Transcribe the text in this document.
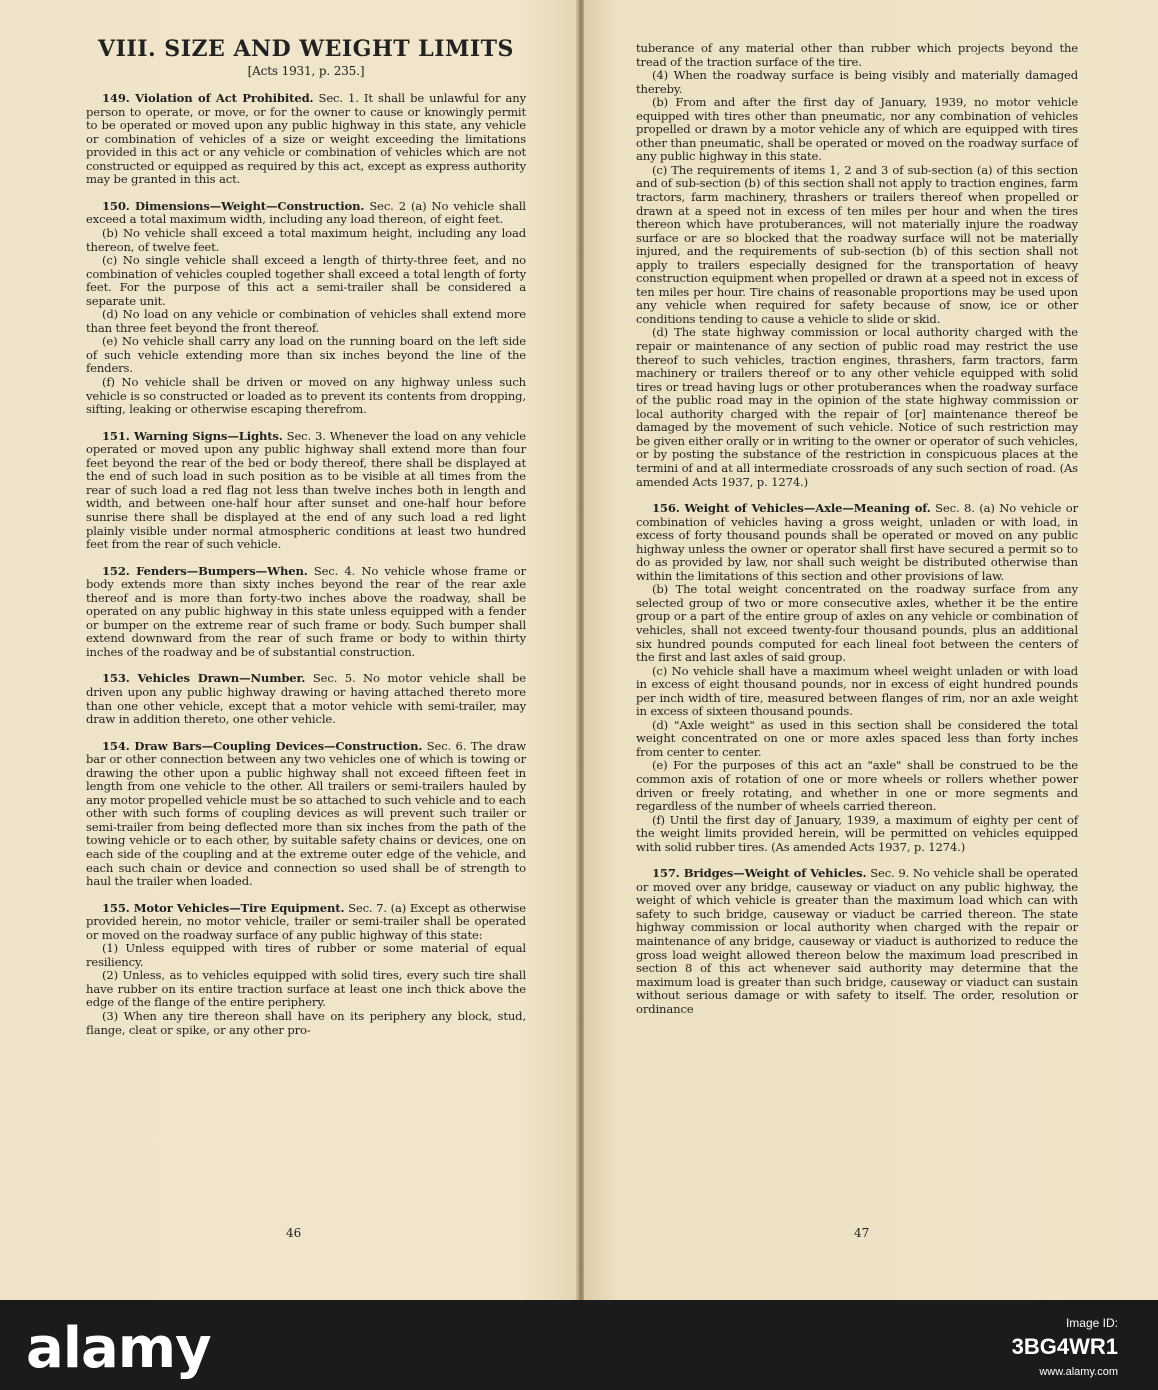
VIII. SIZE AND WEIGHT LIMITS
[Acts 1931, p. 235.]

149. Violation of Act Prohibited. Sec. 1. It shall be unlawful for any person to operate, or move, or for the owner to cause or knowingly permit to be operated or moved upon any public highway in this state, any vehicle or combination of vehicles of a size or weight exceeding the limitations provided in this act or any vehicle or combination of vehicles which are not constructed or equipped as required by this act, except as express authority may be granted in this act.

150. Dimensions—Weight—Construction. Sec. 2 (a) No vehicle shall exceed a total maximum width, including any load thereon, of eight feet.

(b) No vehicle shall exceed a total maximum height, including any load thereon, of twelve feet.

(c) No single vehicle shall exceed a length of thirty-three feet, and no combination of vehicles coupled together shall exceed a total length of forty feet. For the purpose of this act a semi-trailer shall be considered a separate unit.

(d) No load on any vehicle or combination of vehicles shall extend more than three feet beyond the front thereof.

(e) No vehicle shall carry any load on the running board on the left side of such vehicle extending more than six inches beyond the line of the fenders.

(f) No vehicle shall be driven or moved on any highway unless such vehicle is so constructed or loaded as to prevent its contents from dropping, sifting, leaking or otherwise escaping therefrom.

151. Warning Signs—Lights. Sec. 3. Whenever the load on any vehicle operated or moved upon any public highway shall extend more than four feet beyond the rear of the bed or body thereof, there shall be displayed at the end of such load in such position as to be visible at all times from the rear of such load a red flag not less than twelve inches both in length and width, and between one-half hour after sunset and one-half hour before sunrise there shall be displayed at the end of any such load a red light plainly visible under normal atmospheric conditions at least two hundred feet from the rear of such vehicle.

152. Fenders—Bumpers—When. Sec. 4. No vehicle whose frame or body extends more than sixty inches beyond the rear of the rear axle thereof and is more than forty-two inches above the roadway, shall be operated on any public highway in this state unless equipped with a fender or bumper on the extreme rear of such frame or body. Such bumper shall extend downward from the rear of such frame or body to within thirty inches of the roadway and be of substantial construction.

153. Vehicles Drawn—Number. Sec. 5. No motor vehicle shall be driven upon any public highway drawing or having attached thereto more than one other vehicle, except that a motor vehicle with semi-trailer, may draw in addition thereto, one other vehicle.

154. Draw Bars—Coupling Devices—Construction. Sec. 6. The draw bar or other connection between any two vehicles one of which is towing or drawing the other upon a public highway shall not exceed fifteen feet in length from one vehicle to the other. All trailers or semi-trailers hauled by any motor propelled vehicle must be so attached to such vehicle and to each other with such forms of coupling devices as will prevent such trailer or semi-trailer from being deflected more than six inches from the path of the towing vehicle or to each other, by suitable safety chains or devices, one on each side of the coupling and at the extreme outer edge of the vehicle, and each such chain or device and connection so used shall be of strength to haul the trailer when loaded.

155. Motor Vehicles—Tire Equipment. Sec. 7. (a) Except as otherwise provided herein, no motor vehicle, trailer or semi-trailer shall be operated or moved on the roadway surface of any public highway of this state:

(1) Unless equipped with tires of rubber or some material of equal resiliency.

(2) Unless, as to vehicles equipped with solid tires, every such tire shall have rubber on its entire traction surface at least one inch thick above the edge of the flange of the entire periphery.

(3) When any tire thereon shall have on its periphery any block, stud, flange, cleat or spike, or any other pro-

46

tuberance of any material other than rubber which projects beyond the tread of the traction surface of the tire.

(4) When the roadway surface is being visibly and materially damaged thereby.

(b) From and after the first day of January, 1939, no motor vehicle equipped with tires other than pneumatic, nor any combination of vehicles propelled or drawn by a motor vehicle any of which are equipped with tires other than pneumatic, shall be operated or moved on the roadway surface of any public highway in this state.

(c) The requirements of items 1, 2 and 3 of sub-section (a) of this section and of sub-section (b) of this section shall not apply to traction engines, farm tractors, farm machinery, thrashers or trailers thereof when propelled or drawn at a speed not in excess of ten miles per hour and when the tires thereon which have protuberances, will not materially injure the roadway surface or are so blocked that the roadway surface will not be materially injured, and the requirements of sub-section (b) of this section shall not apply to trailers especially designed for the transportation of heavy construction equipment when propelled or drawn at a speed not in excess of ten miles per hour. Tire chains of reasonable proportions may be used upon any vehicle when required for safety because of snow, ice or other conditions tending to cause a vehicle to slide or skid.

(d) The state highway commission or local authority charged with the repair or maintenance of any section of public road may restrict the use thereof to such vehicles, traction engines, thrashers, farm tractors, farm machinery or trailers thereof or to any other vehicle equipped with solid tires or tread having lugs or other protuberances when the roadway surface of the public road may in the opinion of the state highway commission or local authority charged with the repair of [or] maintenance thereof be damaged by the movement of such vehicle. Notice of such restriction may be given either orally or in writing to the owner or operator of such vehicles, or by posting the substance of the restriction in conspicuous places at the termini of and at all intermediate crossroads of any such section of road. (As amended Acts 1937, p. 1274.)

156. Weight of Vehicles—Axle—Meaning of. Sec. 8. (a) No vehicle or combination of vehicles having a gross weight, unladen or with load, in excess of forty thousand pounds shall be operated or moved on any public highway unless the owner or operator shall first have secured a permit so to do as provided by law, nor shall such weight be distributed otherwise than within the limitations of this section and other provisions of law.

(b) The total weight concentrated on the roadway surface from any selected group of two or more consecutive axles, whether it be the entire group or a part of the entire group of axles on any vehicle or combination of vehicles, shall not exceed twenty-four thousand pounds, plus an additional six hundred pounds computed for each lineal foot between the centers of the first and last axles of said group.

(c) No vehicle shall have a maximum wheel weight unladen or with load in excess of eight thousand pounds, nor in excess of eight hundred pounds per inch width of tire, measured between flanges of rim, nor an axle weight in excess of sixteen thousand pounds.

(d) "Axle weight" as used in this section shall be considered the total weight concentrated on one or more axles spaced less than forty inches from center to center.

(e) For the purposes of this act an "axle" shall be construed to be the common axis of rotation of one or more wheels or rollers whether power driven or freely rotating, and whether in one or more segments and regardless of the number of wheels carried thereon.

(f) Until the first day of January, 1939, a maximum of eighty per cent of the weight limits provided herein, will be permitted on vehicles equipped with solid rubber tires. (As amended Acts 1937, p. 1274.)

157. Bridges—Weight of Vehicles. Sec. 9. No vehicle shall be operated or moved over any bridge, causeway or viaduct on any public highway, the weight of which vehicle is greater than the maximum load which can with safety to such bridge, causeway or viaduct be carried thereon. The state highway commission or local authority when charged with the repair or maintenance of any bridge, causeway or viaduct is authorized to reduce the gross load weight allowed thereon below the maximum load prescribed in section 8 of this act whenever said authority may determine that the maximum load is greater than such bridge, causeway or viaduct can sustain without serious damage or with safety to itself. The order, resolution or ordinance

47
alamy	Image ID:
3BG4WR1
www.alamy.com
